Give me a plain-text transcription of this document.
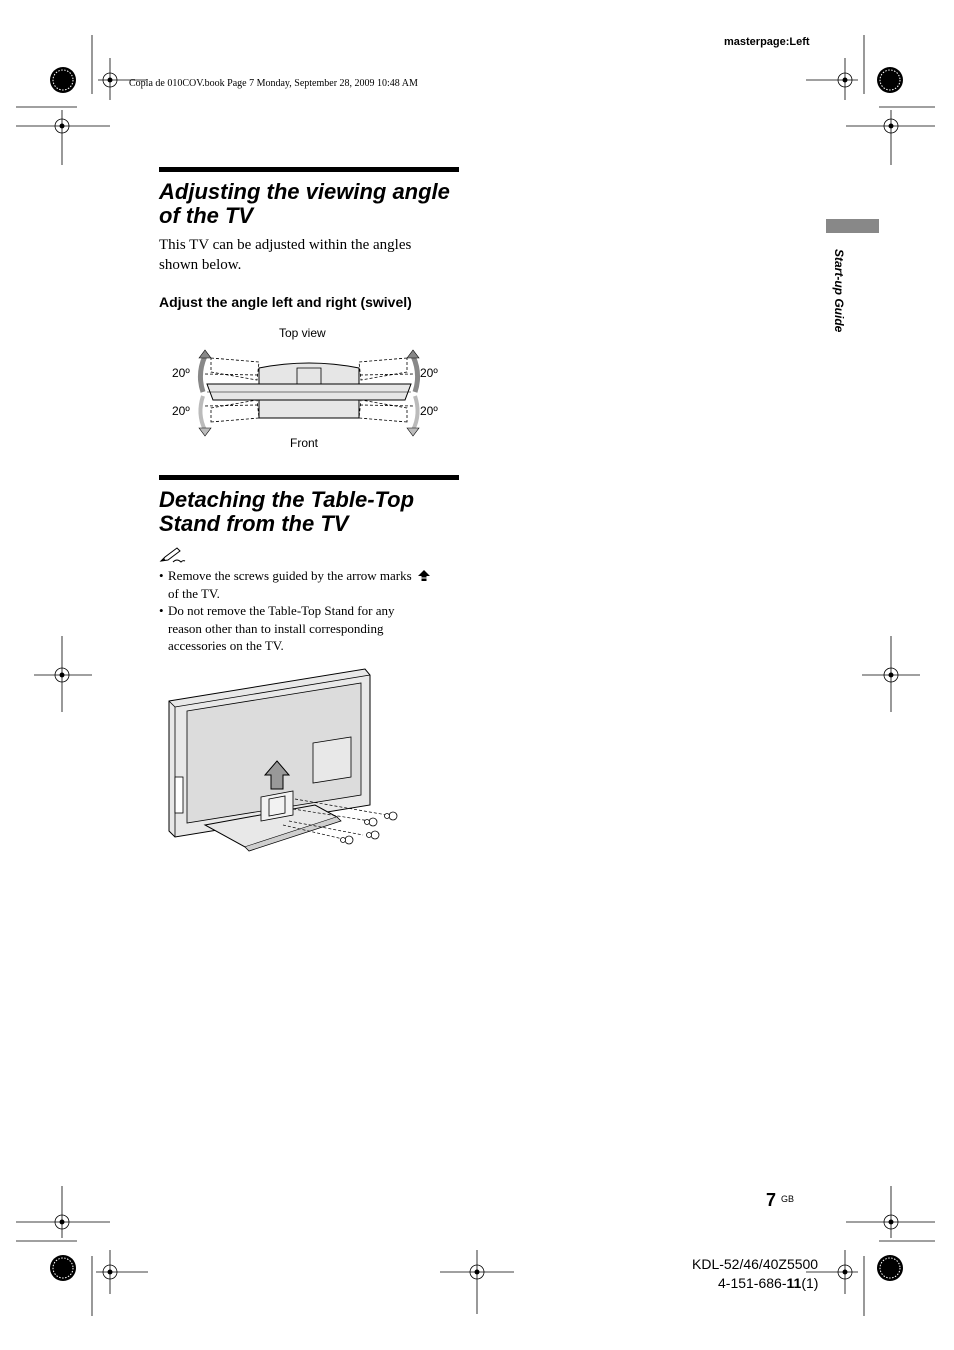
masterpage:Left
Copia de 010COV.book Page 7 Monday, September 28, 2009 10:48 AM
Start-up Guide
Adjusting the viewing angle
of the TV
This TV can be adjusted within the angles
shown below.
Adjust the angle left and right (swivel)
Top view
Front
20º
20º
20º
20º
Detaching the Table-Top
Stand from the TV
• Remove the screws guided by the arrow marks
of the TV.
• Do not remove the Table-Top Stand for any
reason other than to install corresponding
accessories on the TV.
7 GB
KDL-52/46/40Z5500
4-151-686-11(1)
